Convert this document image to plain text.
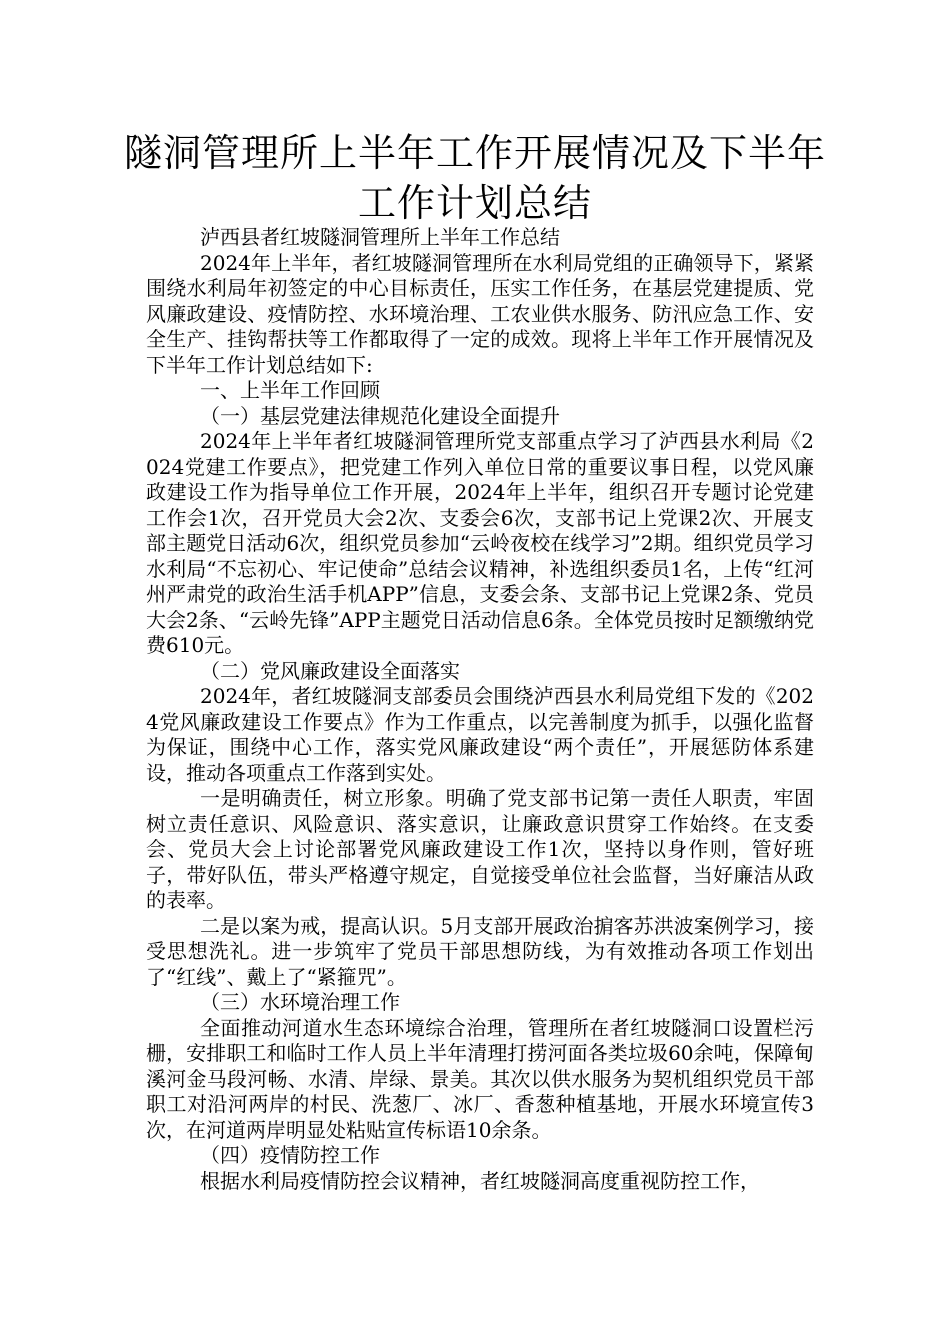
隧洞管理所上半年工作开展情况及下半年
工作计划总结

泸西县者红坡隧洞管理所上半年工作总结

2024年上半年，者红坡隧洞管理所在水利局党组的正确领导下，紧紧围绕水利局年初签定的中心目标责任，压实工作任务，在基层党建提质、党风廉政建设、疫情防控、水环境治理、工农业供水服务、防汛应急工作、安全生产、挂钩帮扶等工作都取得了一定的成效。现将上半年工作开展情况及下半年工作计划总结如下:

一、上半年工作回顾

（一）基层党建法律规范化建设全面提升

2024年上半年者红坡隧洞管理所党支部重点学习了泸西县水利局《2024党建工作要点》，把党建工作列入单位日常的重要议事日程，以党风廉政建设工作为指导单位工作开展，2024年上半年，组织召开专题讨论党建工作会1次，召开党员大会2次、支委会6次，支部书记上党课2次、开展支部主题党日活动6次，组织党员参加“云岭夜校在线学习”2期。组织党员学习水利局“不忘初心、牢记使命”总结会议精神，补选组织委员1名，上传“红河州严肃党的政治生活手机APP”信息，支委会条、支部书记上党课2条、党员大会2条、“云岭先锋”APP主题党日活动信息6条。全体党员按时足额缴纳党费610元。

（二）党风廉政建设全面落实

2024年，者红坡隧洞支部委员会围绕泸西县水利局党组下发的《2024党风廉政建设工作要点》作为工作重点，以完善制度为抓手，以强化监督为保证，围绕中心工作，落实党风廉政建设“两个责任”，开展惩防体系建设，推动各项重点工作落到实处。

一是明确责任，树立形象。明确了党支部书记第一责任人职责，牢固树立责任意识、风险意识、落实意识，让廉政意识贯穿工作始终。在支委会、党员大会上讨论部署党风廉政建设工作1次，坚持以身作则，管好班子，带好队伍，带头严格遵守规定，自觉接受单位社会监督，当好廉洁从政的表率。

二是以案为戒，提高认识。5月支部开展政治掮客苏洪波案例学习，接受思想洗礼。进一步筑牢了党员干部思想防线，为有效推动各项工作划出了“红线”、戴上了“紧箍咒”。

（三）水环境治理工作

全面推动河道水生态环境综合治理，管理所在者红坡隧洞口设置栏污栅，安排职工和临时工作人员上半年清理打捞河面各类垃圾60余吨，保障甸溪河金马段河畅、水清、岸绿、景美。其次以供水服务为契机组织党员干部职工对沿河两岸的村民、洗葱厂、冰厂、香葱种植基地，开展水环境宣传3次，在河道两岸明显处粘贴宣传标语10余条。

（四）疫情防控工作

根据水利局疫情防控会议精神，者红坡隧洞高度重视防控工作，
